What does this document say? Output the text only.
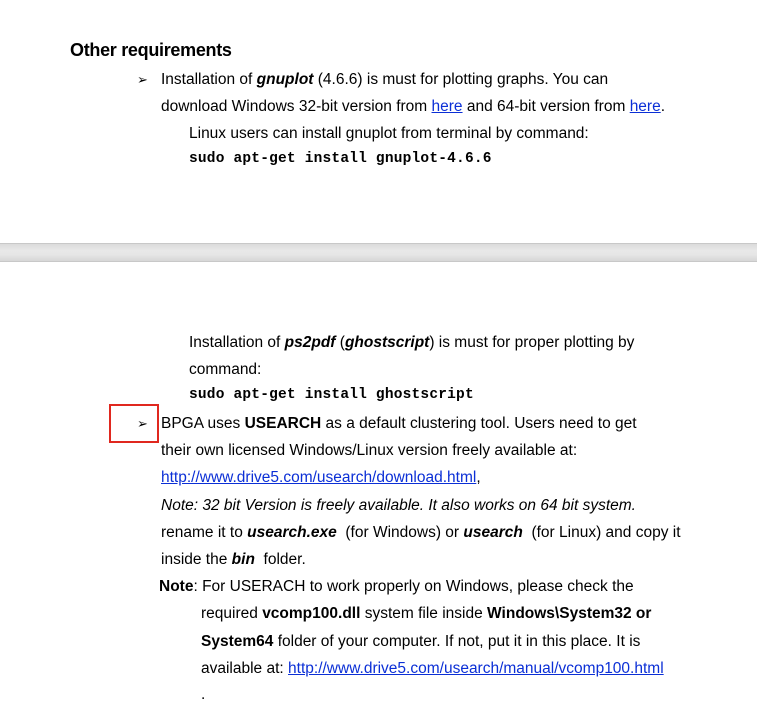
Other requirements
➢ Installation of gnuplot (4.6.6) is must for plotting graphs. You can
download Windows 32-bit version from here and 64-bit version from here.
Linux users can install gnuplot from terminal by command:
sudo apt-get install gnuplot-4.6.6
Installation of ps2pdf (ghostscript) is must for proper plotting by
command:
sudo apt-get install ghostscript
➢ BPGA uses USEARCH as a default clustering tool. Users need to get
their own licensed Windows/Linux version freely available at:
http://www.drive5.com/usearch/download.html,
Note: 32 bit Version is freely available. It also works on 64 bit system.
rename it to usearch.exe  (for Windows) or usearch  (for Linux) and copy it
inside the bin  folder.
Note: For USERACH to work properly on Windows, please check the
required vcomp100.dll system file inside Windows\System32 or
System64 folder of your computer. If not, put it in this place. It is
available at: http://www.drive5.com/usearch/manual/vcomp100.html
.
